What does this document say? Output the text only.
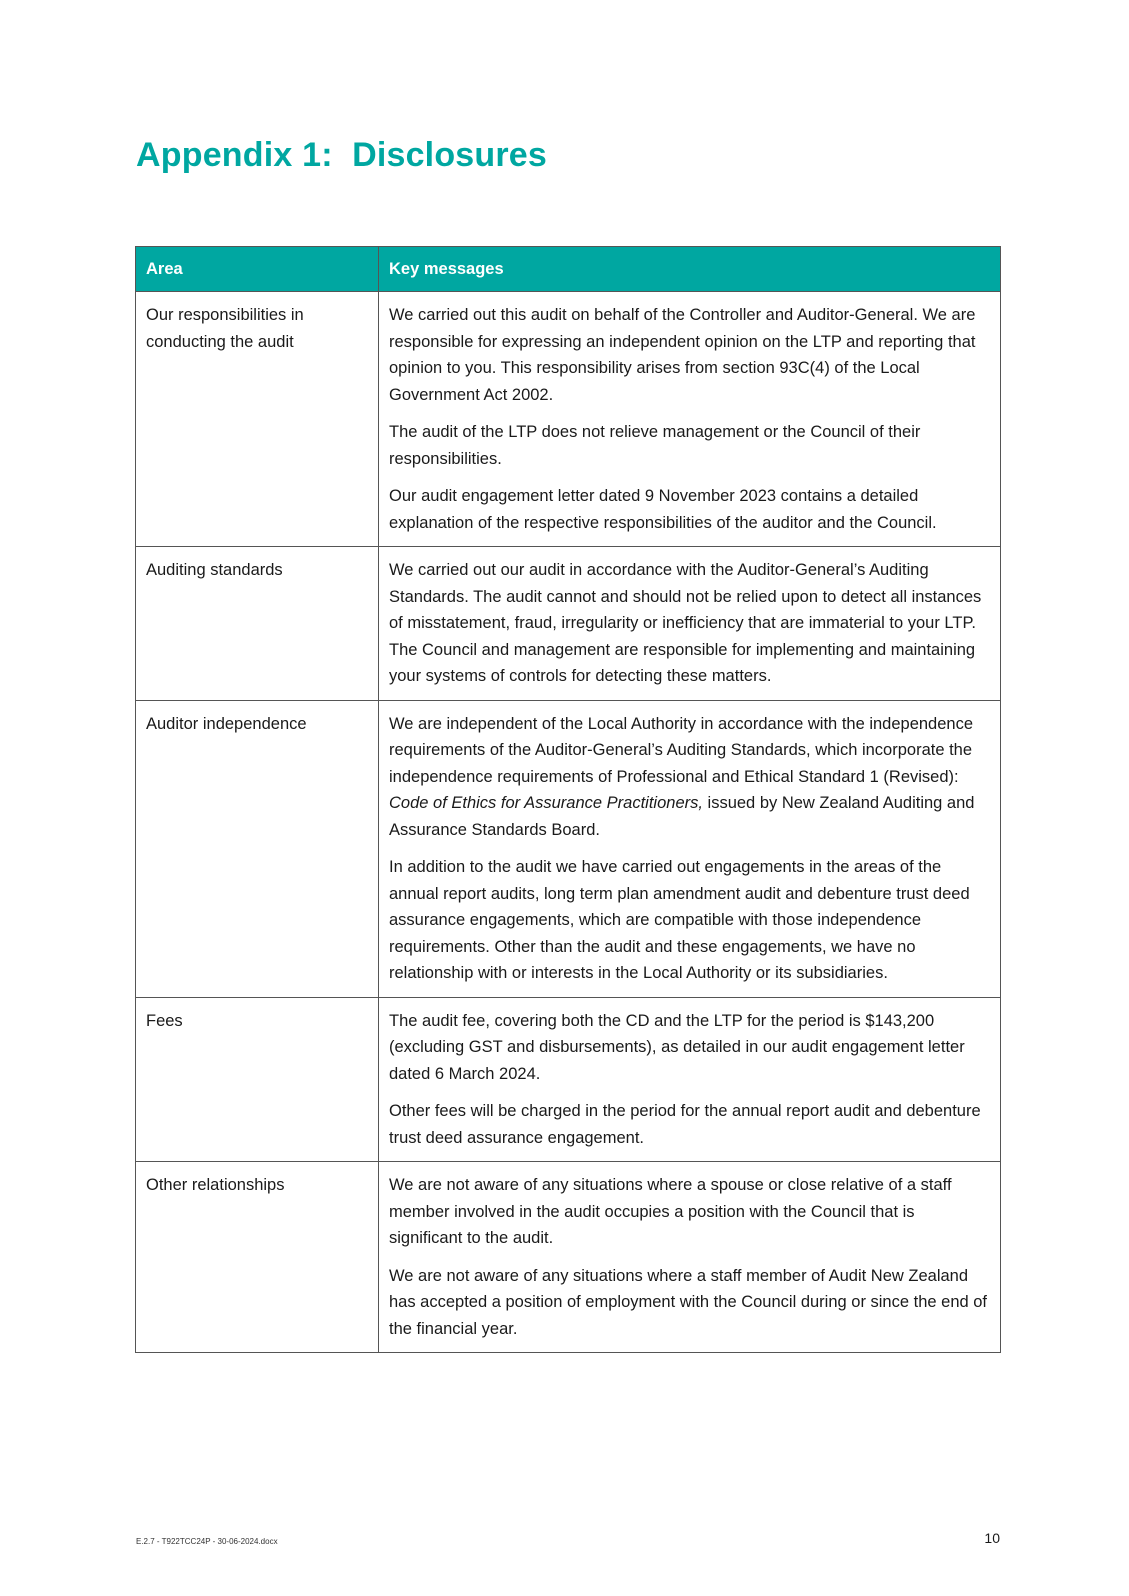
Appendix 1:  Disclosures
Area	Key messages
Our responsibilities in conducting the audit	We carried out this audit on behalf of the Controller and Auditor-General. We are responsible for expressing an independent opinion on the LTP and reporting that opinion to you. This responsibility arises from section 93C(4) of the Local Government Act 2002.

The audit of the LTP does not relieve management or the Council of their responsibilities.

Our audit engagement letter dated 9 November 2023 contains a detailed explanation of the respective responsibilities of the auditor and the Council.

Auditing standards	We carried out our audit in accordance with the Auditor-General’s Auditing Standards. The audit cannot and should not be relied upon to detect all instances of misstatement, fraud, irregularity or inefficiency that are immaterial to your LTP. The Council and management are responsible for implementing and maintaining your systems of controls for detecting these matters.

Auditor independence	We are independent of the Local Authority in accordance with the independence requirements of the Auditor-General’s Auditing Standards, which incorporate the independence requirements of Professional and Ethical Standard 1 (Revised): Code of Ethics for Assurance Practitioners, issued by New Zealand Auditing and Assurance Standards Board.

In addition to the audit we have carried out engagements in the areas of the annual report audits, long term plan amendment audit and debenture trust deed assurance engagements, which are compatible with those independence requirements. Other than the audit and these engagements, we have no relationship with or interests in the Local Authority or its subsidiaries.

Fees	The audit fee, covering both the CD and the LTP for the period is $143,200 (excluding GST and disbursements), as detailed in our audit engagement letter dated 6 March 2024.

Other fees will be charged in the period for the annual report audit and debenture trust deed assurance engagement.

Other relationships	We are not aware of any situations where a spouse or close relative of a staff member involved in the audit occupies a position with the Council that is significant to the audit.

We are not aware of any situations where a staff member of Audit New Zealand has accepted a position of employment with the Council during or since the end of the financial year.

E.2.7 - T922TCC24P - 30-06-2024.docx	10
